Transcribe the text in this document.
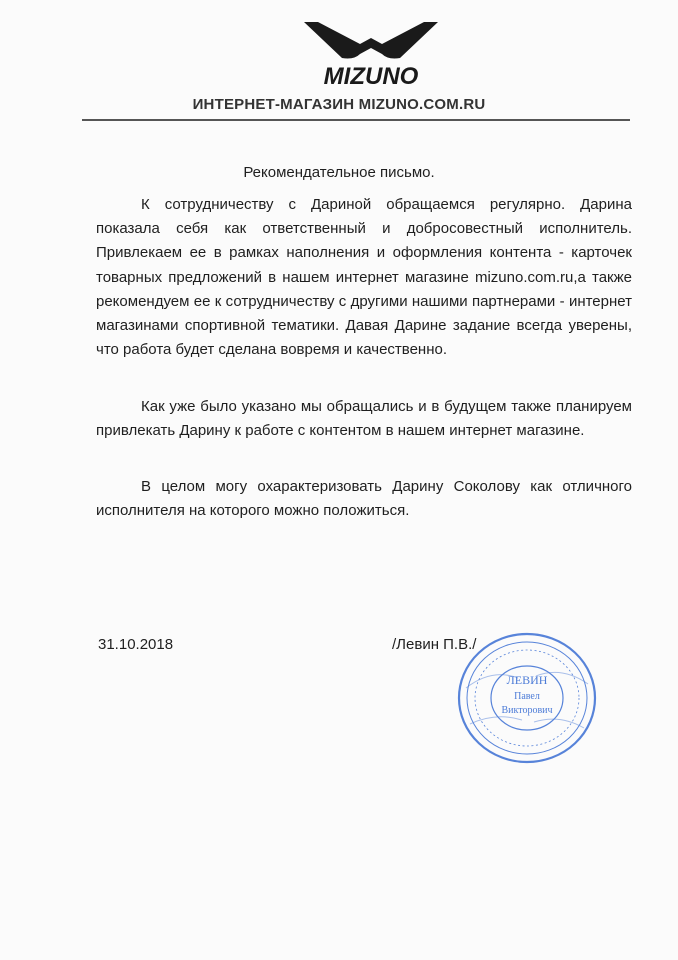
MIZUNO
ИНТЕРНЕТ-МАГАЗИН MIZUNO.COM.RU
Рекомендательное письмо.

К сотрудничеству с Дариной обращаемся регулярно. Дарина показала себя как ответственный и добросовестный исполнитель. Привлекаем ее в рамках наполнения и оформления контента - карточек товарных предложений в нашем интернет магазине mizuno.com.ru,а также рекомендуем ее к сотрудничеству с другими нашими партнерами - интернет магазинами спортивной тематики. Давая Дарине задание всегда уверены, что работа будет сделана вовремя и качественно.

Как уже было указано мы обращались и в будущем также планируем привлекать Дарину к работе с контентом в нашем интернет магазине.

В целом могу охарактеризовать Дарину Соколову как отличного исполнителя на которого можно положиться.

31.10.2018	/Левин П.В./
ЛЕВИН
Павел
Викторович
